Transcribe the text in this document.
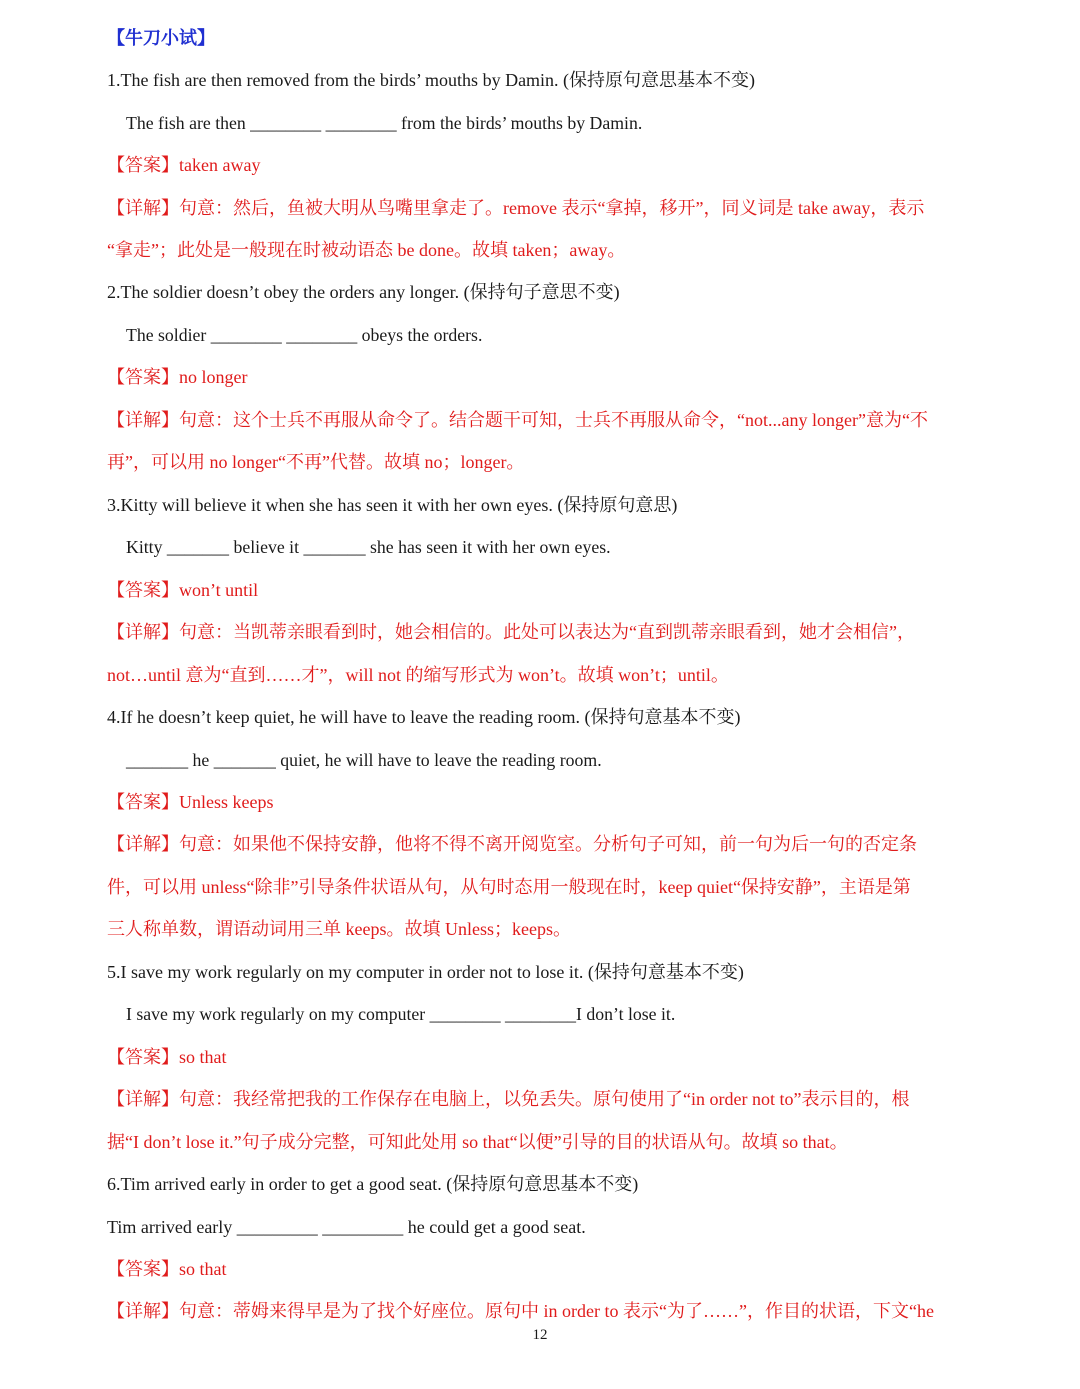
【牛刀小试】
1.The fish are then removed from the birds’ mouths by Damin. (保持原句意思基本不变)
The fish are then ________ ________ from the birds’ mouths by Damin.
【答案】taken away
【详解】句意：然后，鱼被大明从鸟嘴里拿走了。remove 表示“拿掉，移开”，同义词是 take away，表示
“拿走”；此处是一般现在时被动语态 be done。故填 taken；away。
2.The soldier doesn’t obey the orders any longer. (保持句子意思不变)
The soldier ________ ________ obeys the orders.
【答案】no longer
【详解】句意：这个士兵不再服从命令了。结合题干可知，士兵不再服从命令，“not...any longer”意为“不
再”，可以用 no longer“不再”代替。故填 no；longer。
3.Kitty will believe it when she has seen it with her own eyes. (保持原句意思)
Kitty _______ believe it _______ she has seen it with her own eyes.
【答案】won’t until
【详解】句意：当凯蒂亲眼看到时，她会相信的。此处可以表达为“直到凯蒂亲眼看到，她才会相信”，
not…until 意为“直到……才”，will not 的缩写形式为 won’t。故填 won’t；until。
4.If he doesn’t keep quiet, he will have to leave the reading room. (保持句意基本不变)
_______ he _______ quiet, he will have to leave the reading room.
【答案】Unless keeps
【详解】句意：如果他不保持安静，他将不得不离开阅览室。分析句子可知，前一句为后一句的否定条
件，可以用 unless“除非”引导条件状语从句，从句时态用一般现在时，keep quiet“保持安静”，主语是第
三人称单数，谓语动词用三单 keeps。故填 Unless；keeps。
5.I save my work regularly on my computer in order not to lose it. (保持句意基本不变)
I save my work regularly on my computer ________ ________I don’t lose it.
【答案】so that
【详解】句意：我经常把我的工作保存在电脑上，以免丢失。原句使用了“in order not to”表示目的，根
据“I don’t lose it.”句子成分完整，可知此处用 so that“以便”引导的目的状语从句。故填 so that。
6.Tim arrived early in order to get a good seat. (保持原句意思基本不变)
Tim arrived early _________ _________ he could get a good seat.
【答案】so that
【详解】句意：蒂姆来得早是为了找个好座位。原句中 in order to 表示“为了……”，作目的状语，下文“he
12
